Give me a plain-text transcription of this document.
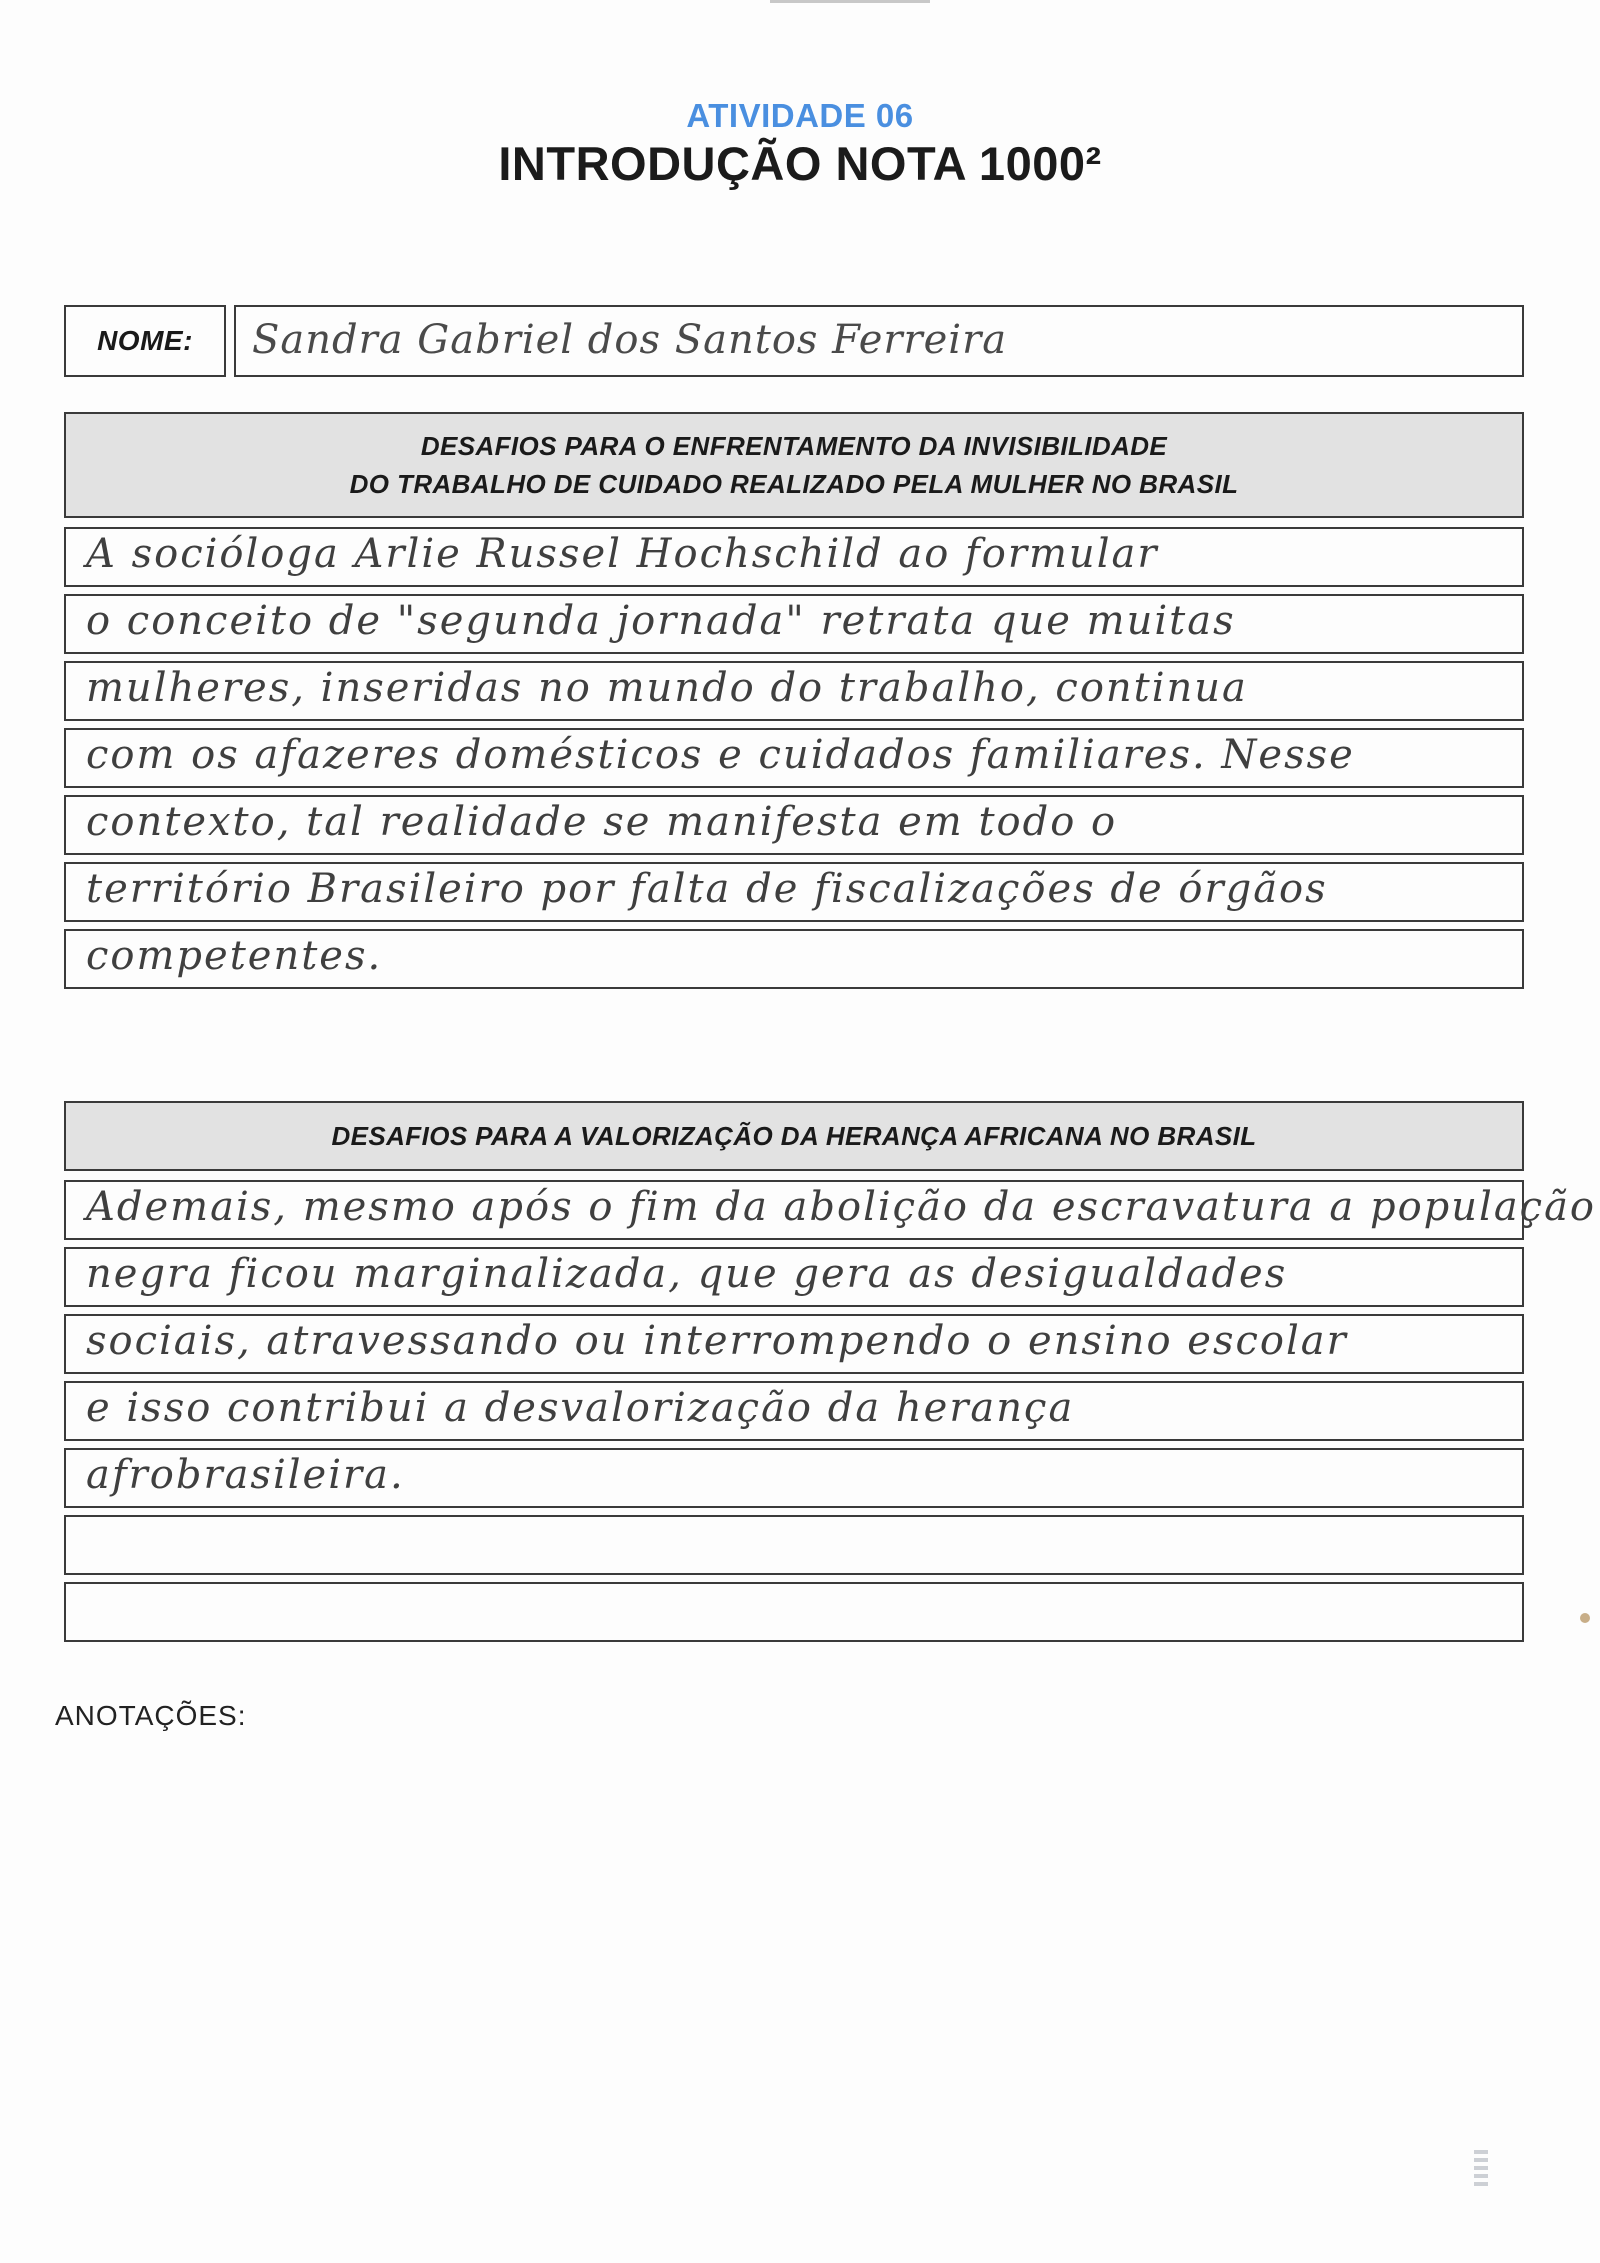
ATIVIDADE 06
INTRODUÇÃO NOTA 1000²
NOME:	Sandra Gabriel dos Santos Ferreira
DESAFIOS PARA O ENFRENTAMENTO DA INVISIBILIDADE
DO TRABALHO DE CUIDADO REALIZADO PELA MULHER NO BRASIL
A socióloga Arlie Russel Hochschild ao formular
o conceito de "segunda jornada" retrata que muitas
mulheres, inseridas no mundo do trabalho, continua
com os afazeres domésticos e cuidados familiares. Nesse
contexto, tal realidade se manifesta em todo o
território Brasileiro por falta de fiscalizações de órgãos
competentes.
DESAFIOS PARA A VALORIZAÇÃO DA HERANÇA AFRICANA NO BRASIL
Ademais, mesmo após o fim da abolição da escravatura a população
negra ficou marginalizada, que gera as desigualdades
sociais, atravessando ou interrompendo o ensino escolar
e isso contribui a desvalorização da herança
afrobrasileira.
ANOTAÇÕES:
